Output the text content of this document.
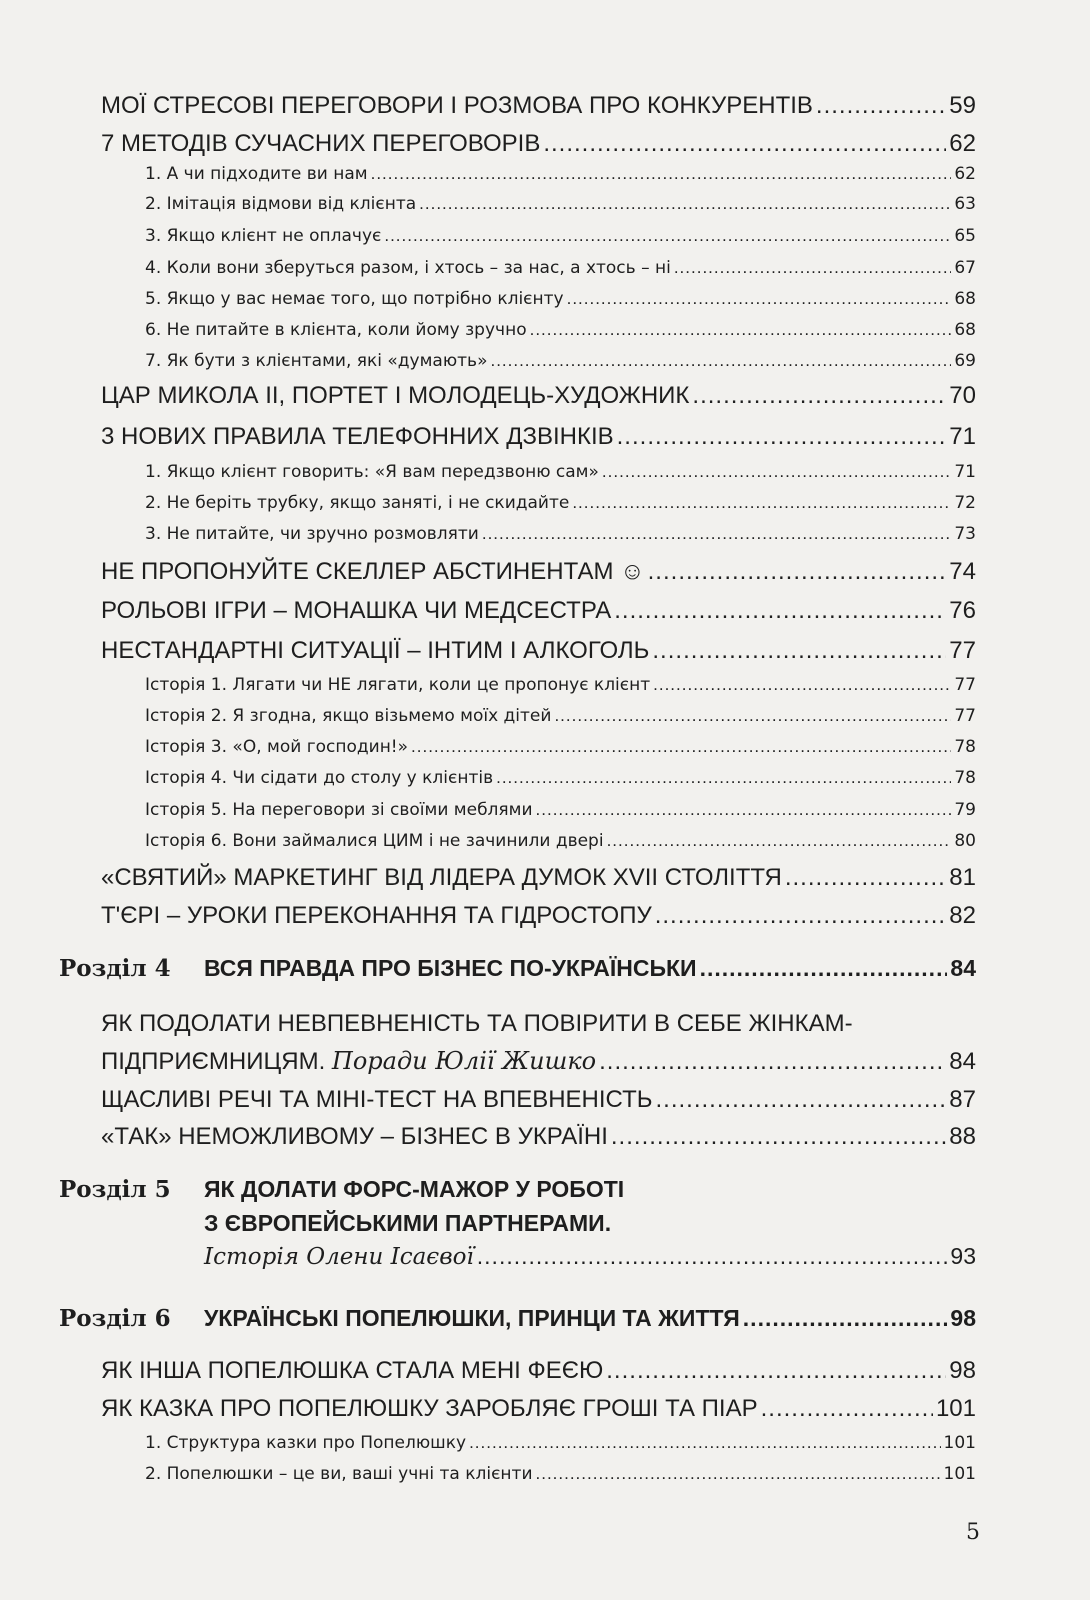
МОЇ СТРЕСОВІ ПЕРЕГОВОРИ І РОЗМОВА ПРО КОНКУРЕНТІВ .....	59
7 МЕТОДІВ СУЧАСНИХ ПЕРЕГОВОРІВ .....	62
1. А чи підходите ви нам .....	62
2. Імітація відмови від клієнта .....	63
3. Якщо клієнт не оплачує .....	65
4. Коли вони зберуться разом, і хтось – за нас, а хтось – ні .....	67
5. Якщо у вас немає того, що потрібно клієнту .....	68
6. Не питайте в клієнта, коли йому зручно .....	68
7. Як бути з клієнтами, які «думають» .....	69
ЦАР МИКОЛА ІІ, ПОРТЕТ І МОЛОДЕЦЬ-ХУДОЖНИК .....	70
3 НОВИХ ПРАВИЛА ТЕЛЕФОННИХ ДЗВІНКІВ .....	71
1. Якщо клієнт говорить: «Я вам передзвоню сам» .....	71
2. Не беріть трубку, якщо заняті, і не скидайте .....	72
3. Не питайте, чи зручно розмовляти .....	73
НЕ ПРОПОНУЙТЕ СКЕЛЛЕР АБСТИНЕНТАМ ☺ .....	74
РОЛЬОВІ ІГРИ – МОНАШКА ЧИ МЕДСЕСТРА .....	76
НЕСТАНДАРТНІ СИТУАЦІЇ – ІНТИМ І АЛКОГОЛЬ .....	77
Історія 1. Лягати чи НЕ лягати, коли це пропонує клієнт .....	77
Історія 2. Я згодна, якщо візьмемо моїх дітей .....	77
Історія 3. «О, мой господин!» .....	78
Історія 4. Чи сідати до столу у клієнтів .....	78
Історія 5. На переговори зі своїми меблями .....	79
Історія 6. Вони займалися ЦИМ і не зачинили двері .....	80
«СВЯТИЙ» МАРКЕТИНГ ВІД ЛІДЕРА ДУМОК XVII СТОЛІТТЯ .....	81
Т'ЄРІ – УРОКИ ПЕРЕКОНАННЯ ТА ГІДРОСТОПУ .....	82
Розділ 4 ВСЯ ПРАВДА ПРО БІЗНЕС ПО-УКРАЇНСЬКИ .....	84
ЯК ПОДОЛАТИ НЕВПЕВНЕНІСТЬ ТА ПОВІРИТИ В СЕБЕ ЖІНКАМ-
ПІДПРИЄМНИЦЯМ. Поради Юлії Жишко .....	84
ЩАСЛИВІ РЕЧІ ТА МІНІ-ТЕСТ НА ВПЕВНЕНІСТЬ .....	87
«ТАК» НЕМОЖЛИВОМУ – БІЗНЕС В УКРАЇНІ .....	88
Розділ 5 ЯК ДОЛАТИ ФОРС-МАЖОР У РОБОТІ
З ЄВРОПЕЙСЬКИМИ ПАРТНЕРАМИ.
Історія Олени Ісаєвої .....	93
Розділ 6 УКРАЇНСЬКІ ПОПЕЛЮШКИ, ПРИНЦИ ТА ЖИТТЯ .....	98
ЯК ІНША ПОПЕЛЮШКА СТАЛА МЕНІ ФЕЄЮ .....	98
ЯК КАЗКА ПРО ПОПЕЛЮШКУ ЗАРОБЛЯЄ ГРОШІ ТА ПІАР .....	101
1. Структура казки про Попелюшку .....	101
2. Попелюшки – це ви, ваші учні та клієнти .....	101
5
